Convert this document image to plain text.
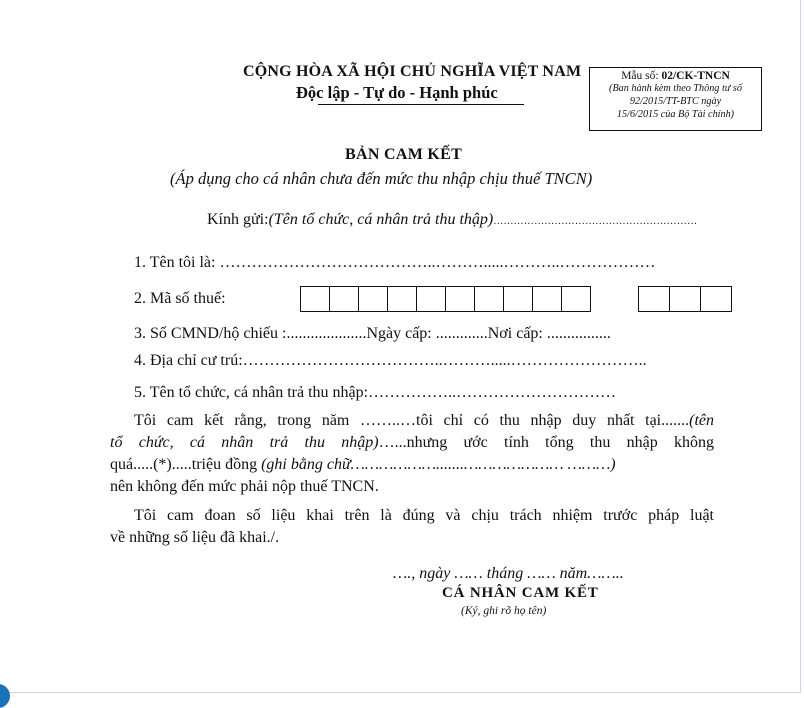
CỘNG HÒA XÃ HỘI CHỦ NGHĨA VIỆT NAM
Độc lập - Tự do - Hạnh phúc
Mẫu số: 02/CK-TNCN
(Ban hành kèm theo Thông tư số
92/2015/TT-BTC ngày
15/6/2015 của Bộ Tài chính)
BẢN CAM KẾT
(Áp dụng cho cá nhân chưa đến mức thu nhập chịu thuế TNCN)
Kính gửi:(Tên tổ chức, cá nhân trả thu thập)……………………………………………………
1. Tên tôi là: …………………………………..……….....………..………………
2. Mã số thuế:
3. Số CMND/hộ chiếu :....................Ngày cấp: .............Nơi cấp: ................
4. Địa chỉ cư trú:………………………………..……….....……………………..
5. Tên tổ chức, cá nhân trả thu nhập:……………..…………………………
Tôi cam kết rằng, trong năm ……..…tôi chỉ có thu nhập duy nhất tại.......(tên
tổ chức, cá nhân trả thu nhập)…...nhưng ước tính tổng thu nhập không
quá.....(*).....triệu đồng (ghi bằng chữ……………….......………………… ………)
nên không đến mức phải nộp thuế TNCN.
Tôi cam đoan số liệu khai trên là đúng và chịu trách nhiệm trước pháp luật
về những số liệu đã khai./.
…., ngày …… tháng …… năm……..
CÁ NHÂN CAM KẾT
(Ký, ghi rõ họ tên)
